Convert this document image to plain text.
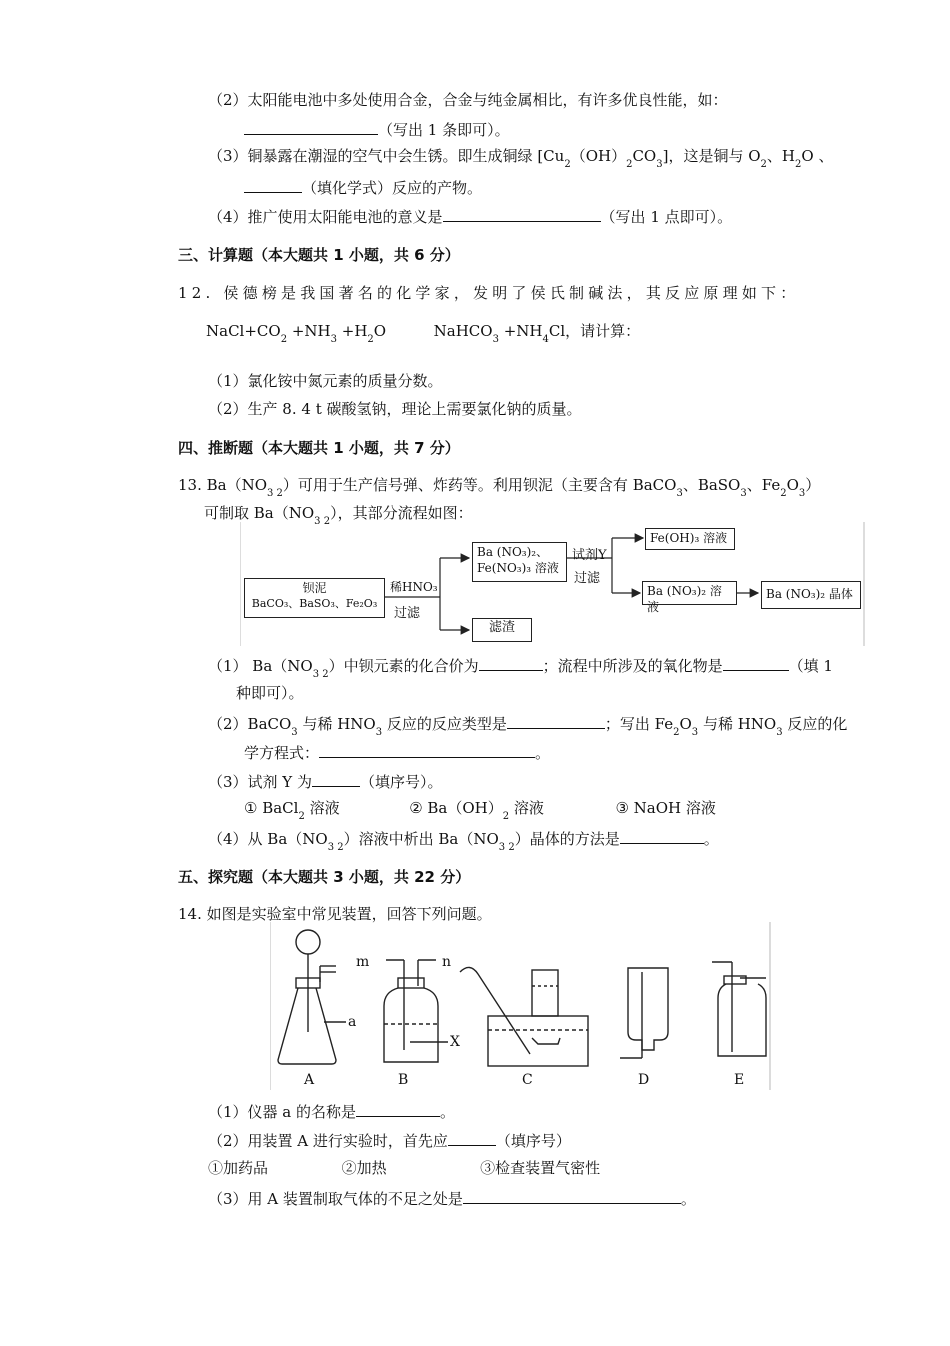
（2）太阳能电池中多处使用合金，合金与纯金属相比，有许多优良性能，如：
（写出 1 条即可）。
（3）铜暴露在潮湿的空气中会生锈。即生成铜绿 $[Cu_2(OH)_2CO_3]$，这是铜与 $O_2$、$H_2O$ 、
（填化学式）反应的产物。
（4）推广使用太阳能电池的意义是	（写出 1 点即可）。
三、计算题（本大题共 1 小题，共 6 分）
12. 侯德榜是我国著名的化学家，发明了侯氏制碱法，其反应原理如下：
$NaCl+CO_2 +NH_3 +H_2O$	NaHCO$_3$ $+NH_4Cl$，请计算：
（1）氯化铵中氮元素的质量分数。
（2）生产 8. 4 t 碳酸氢钠，理论上需要氯化钠的质量。
四、推断题（本大题共 1 小题，共 7 分）
13. $Ba(NO_{3 2})$可用于生产信号弹、炸药等。利用钡泥（主要含有 BaCO$_3$、BaSO$_3$、$Fe_2O_3$）
可制取 $Ba(NO_{3 2})$，其部分流程如图：
钡泥
BaCO₃、BaSO₃、Fe₂O₃
稀HNO₃
过滤
Ba (NO₃)₂、
Fe(NO₃)₃ 溶液
滤渣
试剂Y
过滤
Fe(OH)₃ 溶液
Ba (NO₃)₂ 溶液
Ba (NO₃)₂ 晶体
（1） $Ba(NO_{3 2})$中钡元素的化合价为	；流程中所涉及的氧化物是	（填 1
种即可）。
（2）BaCO$_3$ 与稀 $HNO_3$ 反应的反应类型是	；写出 $Fe_2O_3$ 与稀 $HNO_3$ 反应的化
学方程式：	。
（3）试剂 Y 为	（填序号）。
① BaCl$_2$ 溶液	② $Ba(OH)_2$ 溶液	③ NaOH 溶液
（4）从 $Ba(NO_{3 2})$溶液中析出 $Ba(NO_{3 2})$晶体的方法是	。
五、探究题（本大题共 3 小题，共 22 分）
14. 如图是实验室中常见装置，回答下列问题。
A	B	C	D	E
a
m	n
X
（1）仪器 a 的名称是	。
（2）用装置 A 进行实验时，首先应	（填序号）
①加药品	②加热	③检查装置气密性
（3）用 A 装置制取气体的不足之处是	。
